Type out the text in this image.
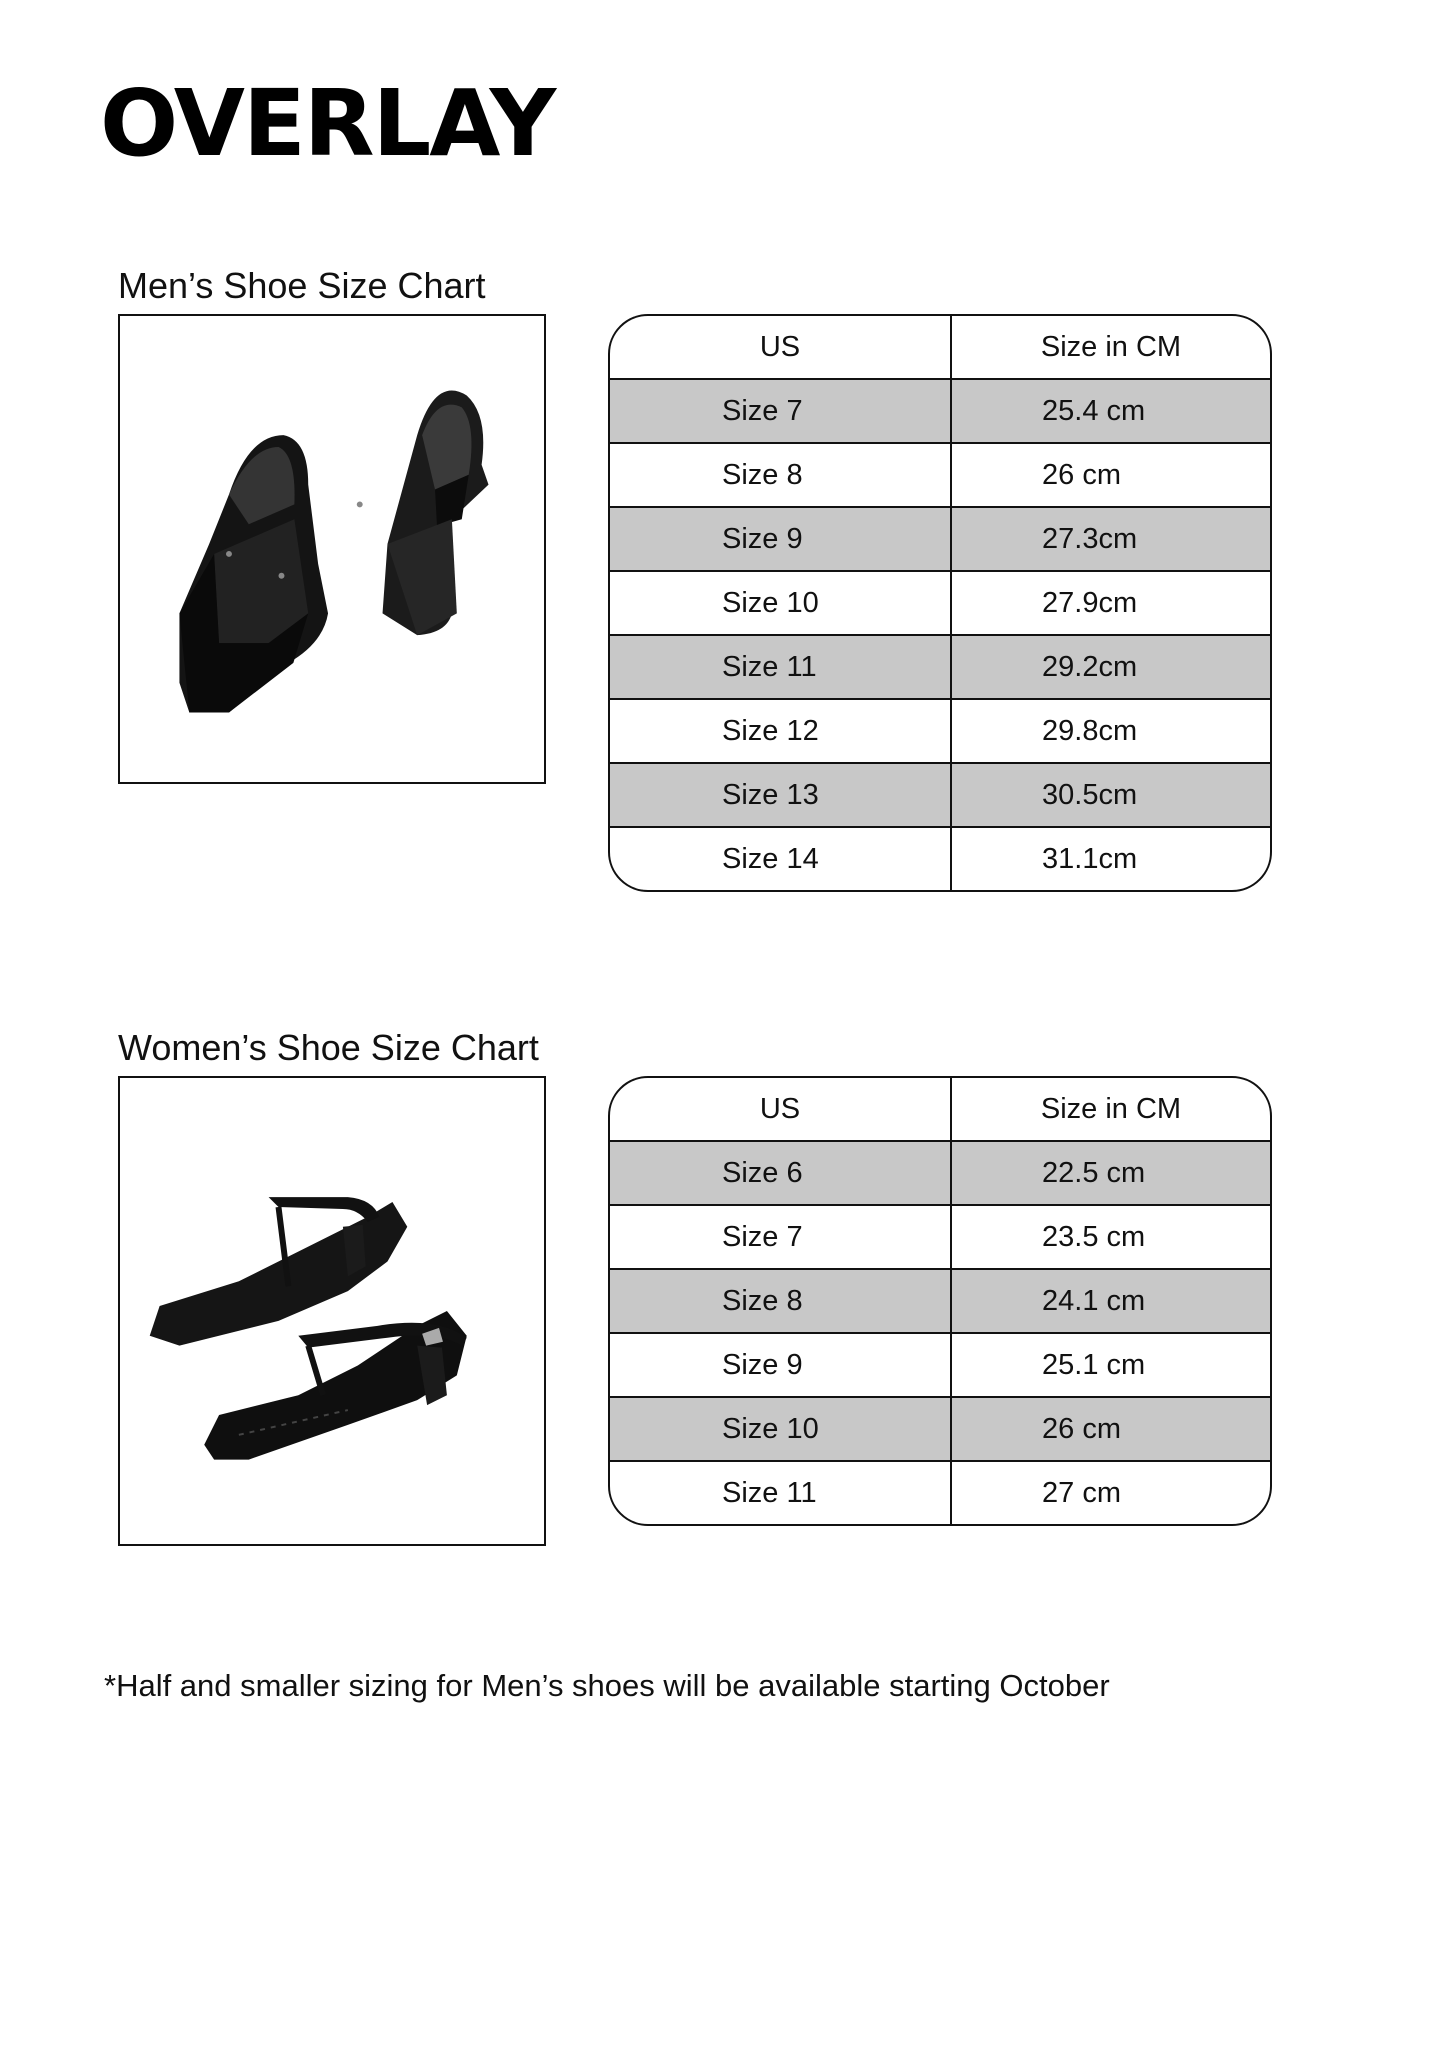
OVERLAY
Men’s Shoe Size Chart
US	Size in CM
Size 7	25.4 cm
Size 8	26 cm
Size 9	27.3cm
Size 10	27.9cm
Size 11	29.2cm
Size 12	29.8cm
Size 13	30.5cm
Size 14	31.1cm
Women’s Shoe Size Chart
US	Size in CM
Size 6	22.5 cm
Size 7	23.5 cm
Size 8	24.1 cm
Size 9	25.1 cm
Size 10	26 cm
Size 11	27 cm
*Half and smaller sizing for Men’s shoes will be available starting October
